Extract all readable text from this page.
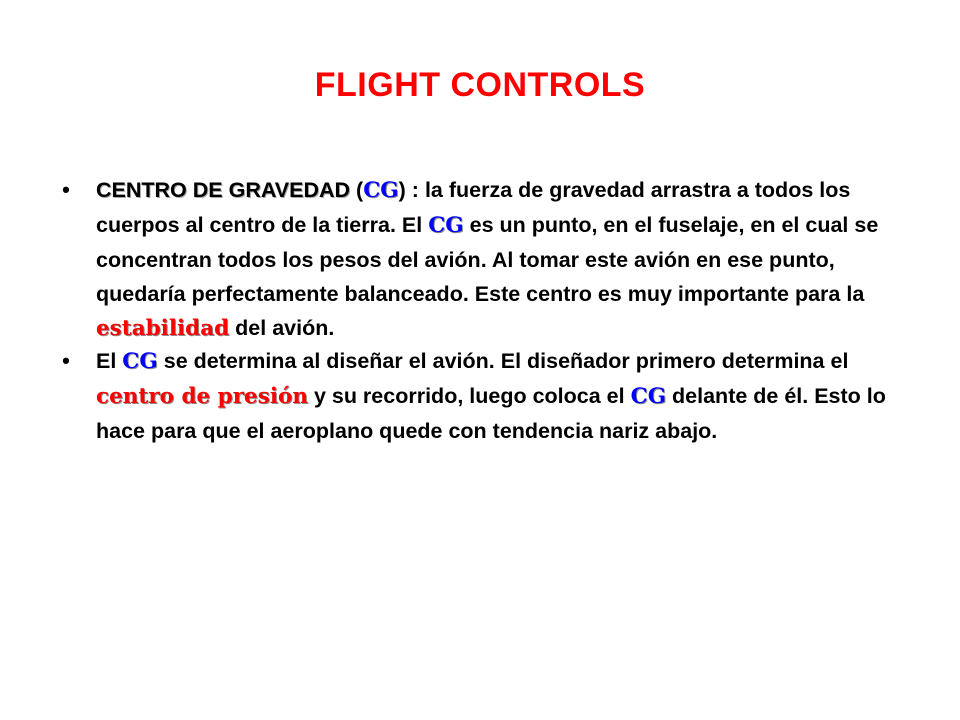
FLIGHT CONTROLS
• CENTRO DE GRAVEDAD (CG) : la fuerza de gravedad arrastra a todos los cuerpos al centro de la tierra. El CG es un punto, en el fuselaje, en el cual se concentran todos los pesos del avión. Al tomar este avión en ese punto, quedaría perfectamente balanceado. Este centro es muy importante para la estabilidad del avión.
• El CG se determina al diseñar el avión. El diseñador primero determina el centro de presión y su recorrido, luego coloca el CG delante de él. Esto lo hace para que el aeroplano quede con tendencia nariz abajo.
